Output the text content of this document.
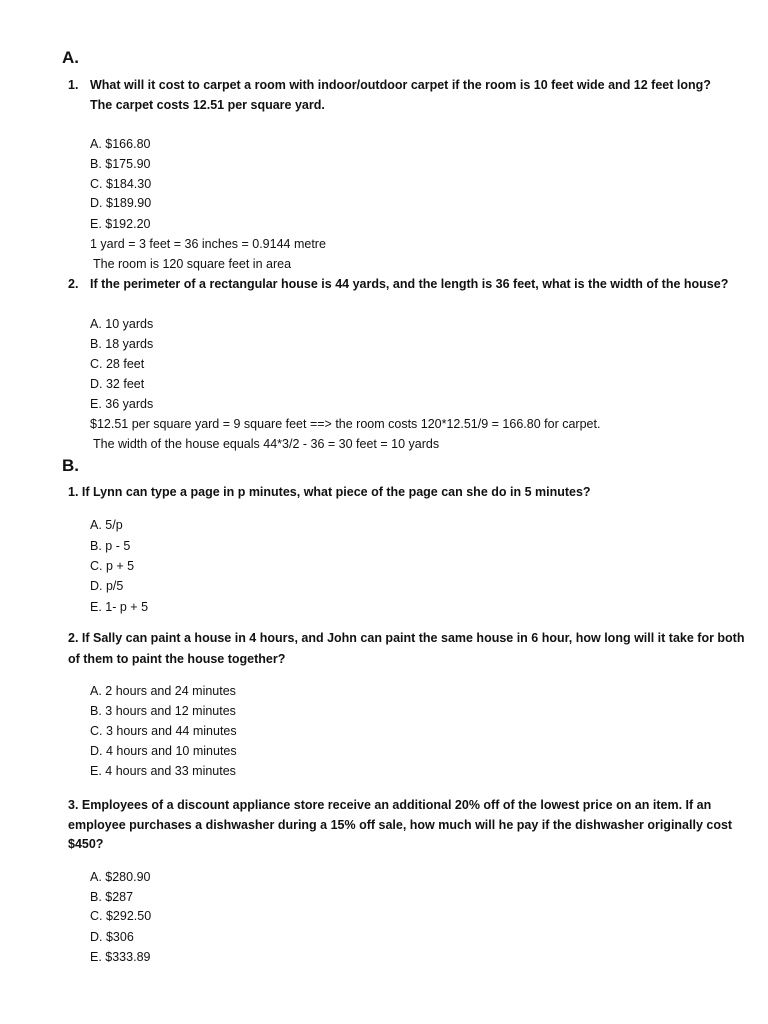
A.
1. What will it cost to carpet a room with indoor/outdoor carpet if the room is 10 feet wide and 12 feet long?
The carpet costs 12.51 per square yard.
A. $166.80
B. $175.90
C. $184.30
D. $189.90
E. $192.20
1 yard = 3 feet = 36 inches = 0.9144 metre
The room is 120 square feet in area
2. If the perimeter of a rectangular house is 44 yards, and the length is 36 feet, what is the width of the house?
A. 10 yards
B. 18 yards
C. 28 feet
D. 32 feet
E. 36 yards
$12.51 per square yard = 9 square feet ==> the room costs 120*12.51/9 = 166.80 for carpet.
The width of the house equals 44*3/2 - 36 = 30 feet = 10 yards
B.
1. If Lynn can type a page in p minutes, what piece of the page can she do in 5 minutes?
A. 5/p
B. p - 5
C. p + 5
D. p/5
E. 1- p + 5
2. If Sally can paint a house in 4 hours, and John can paint the same house in 6 hour, how long will it take for both
of them to paint the house together?
A. 2 hours and 24 minutes
B. 3 hours and 12 minutes
C. 3 hours and 44 minutes
D. 4 hours and 10 minutes
E. 4 hours and 33 minutes
3. Employees of a discount appliance store receive an additional 20% off of the lowest price on an item. If an
employee purchases a dishwasher during a 15% off sale, how much will he pay if the dishwasher originally cost
$450?
A. $280.90
B. $287
C. $292.50
D. $306
E. $333.89
